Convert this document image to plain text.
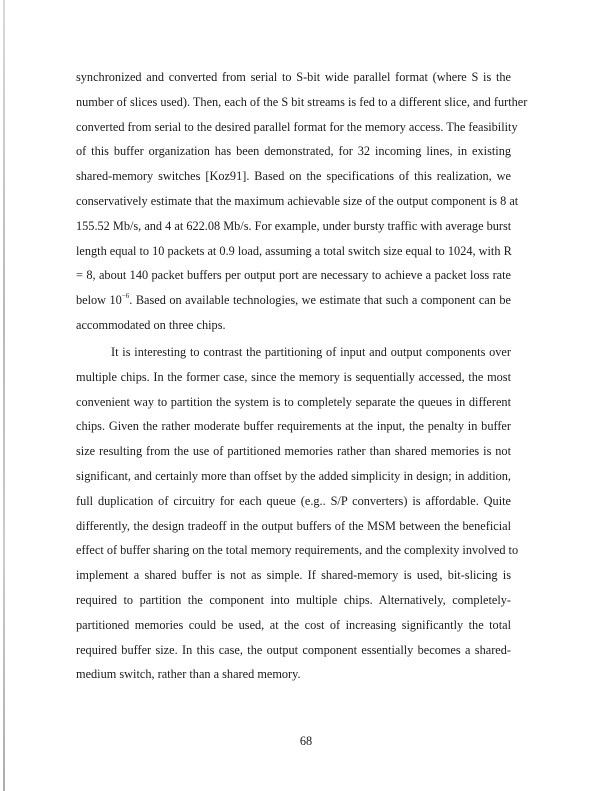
synchronized and converted from serial to S-bit wide parallel format (where S is the
number of slices used). Then, each of the S bit streams is fed to a different slice, and further
converted from serial to the desired parallel format for the memory access. The feasibility
of this buffer organization has been demonstrated, for 32 incoming lines, in existing
shared-memory switches [Koz91]. Based on the specifications of this realization, we
conservatively estimate that the maximum achievable size of the output component is 8 at
155.52 Mb/s, and 4 at 622.08 Mb/s. For example, under bursty traffic with average burst
length equal to 10 packets at 0.9 load, assuming a total switch size equal to 1024, with R
= 8, about 140 packet buffers per output port are necessary to achieve a packet loss rate
below $10^{-6}$. Based on available technologies, we estimate that such a component can be
accommodated on three chips.
It is interesting to contrast the partitioning of input and output components over
multiple chips. In the former case, since the memory is sequentially accessed, the most
convenient way to partition the system is to completely separate the queues in different
chips. Given the rather moderate buffer requirements at the input, the penalty in buffer
size resulting from the use of partitioned memories rather than shared memories is not
significant, and certainly more than offset by the added simplicity in design; in addition,
full duplication of circuitry for each queue (e.g.. S/P converters) is affordable. Quite
differently, the design tradeoff in the output buffers of the MSM between the beneficial
effect of buffer sharing on the total memory requirements, and the complexity involved to
implement a shared buffer is not as simple. If shared-memory is used, bit-slicing is
required to partition the component into multiple chips. Alternatively, completely-
partitioned memories could be used, at the cost of increasing significantly the total
required buffer size. In this case, the output component essentially becomes a shared-
medium switch, rather than a shared memory.
68
